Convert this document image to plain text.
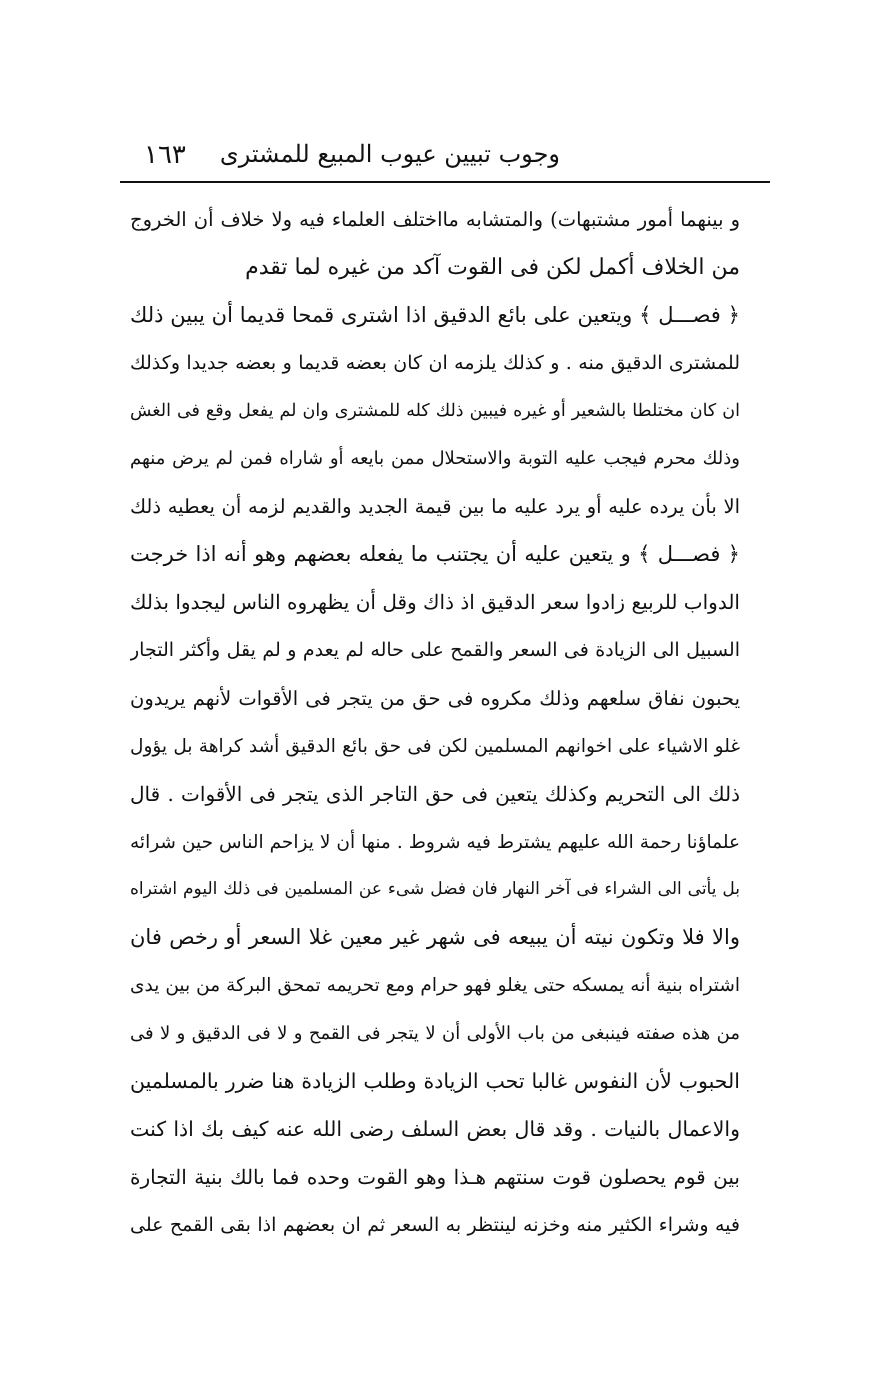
وجوب تبيين عيوب المبيع للمشترى
١٦٣
و بينهما أمور مشتبهات) والمتشابه مااختلف العلماء فيه ولا خلاف أن الخروج
من الخلاف أكمل لكن فى القوت آكد من غيره لما تقدم
﴿ فصـــل ﴾ ويتعين على بائع الدقيق اذا اشترى قمحا قديما أن يبين ذلك
للمشترى الدقيق منه . و كذلك يلزمه ان كان بعضه قديما و بعضه جديدا وكذلك
ان كان مختلطا بالشعير أو غيره فيبين ذلك كله للمشترى وان لم يفعل وقع فى الغش
وذلك محرم فيجب عليه التوبة والاستحلال ممن بايعه أو شاراه فمن لم يرض منهم
الا بأن يرده عليه أو يرد عليه ما بين قيمة الجديد والقديم لزمه أن يعطيه ذلك
﴿ فصـــل ﴾ و يتعين عليه أن يجتنب ما يفعله بعضهم وهو أنه اذا خرجت
الدواب للربيع زادوا سعر الدقيق اذ ذاك وقل أن يظهروه الناس ليجدوا بذلك
السبيل الى الزيادة فى السعر والقمح على حاله لم يعدم و لم يقل وأكثر التجار
يحبون نفاق سلعهم وذلك مكروه فى حق من يتجر فى الأقوات لأنهم يريدون
غلو الاشياء على اخوانهم المسلمين لكن فى حق بائع الدقيق أشد كراهة بل يؤول
ذلك الى التحريم وكذلك يتعين فى حق التاجر الذى يتجر فى الأقوات . قال
علماؤنا رحمة الله عليهم يشترط فيه شروط . منها أن لا يزاحم الناس حين شرائه
بل يأتى الى الشراء فى آخر النهار فان فضل شىء عن المسلمين فى ذلك اليوم اشتراه
والا فلا وتكون نيته أن يبيعه فى شهر غير معين غلا السعر أو رخص فان
اشتراه بنية أنه يمسكه حتى يغلو فهو حرام ومع تحريمه تمحق البركة من بين يدى
من هذه صفته فينبغى من باب الأولى أن لا يتجر فى القمح و لا فى الدقيق و لا فى
الحبوب لأن النفوس غالبا تحب الزيادة وطلب الزيادة هنا ضرر بالمسلمين
والاعمال بالنيات . وقد قال بعض السلف رضى الله عنه كيف بك اذا كنت
بين قوم يحصلون قوت سنتهم هـذا وهو القوت وحده فما بالك بنية التجارة
فيه وشراء الكثير منه وخزنه لينتظر به السعر ثم ان بعضهم اذا بقى القمح على
